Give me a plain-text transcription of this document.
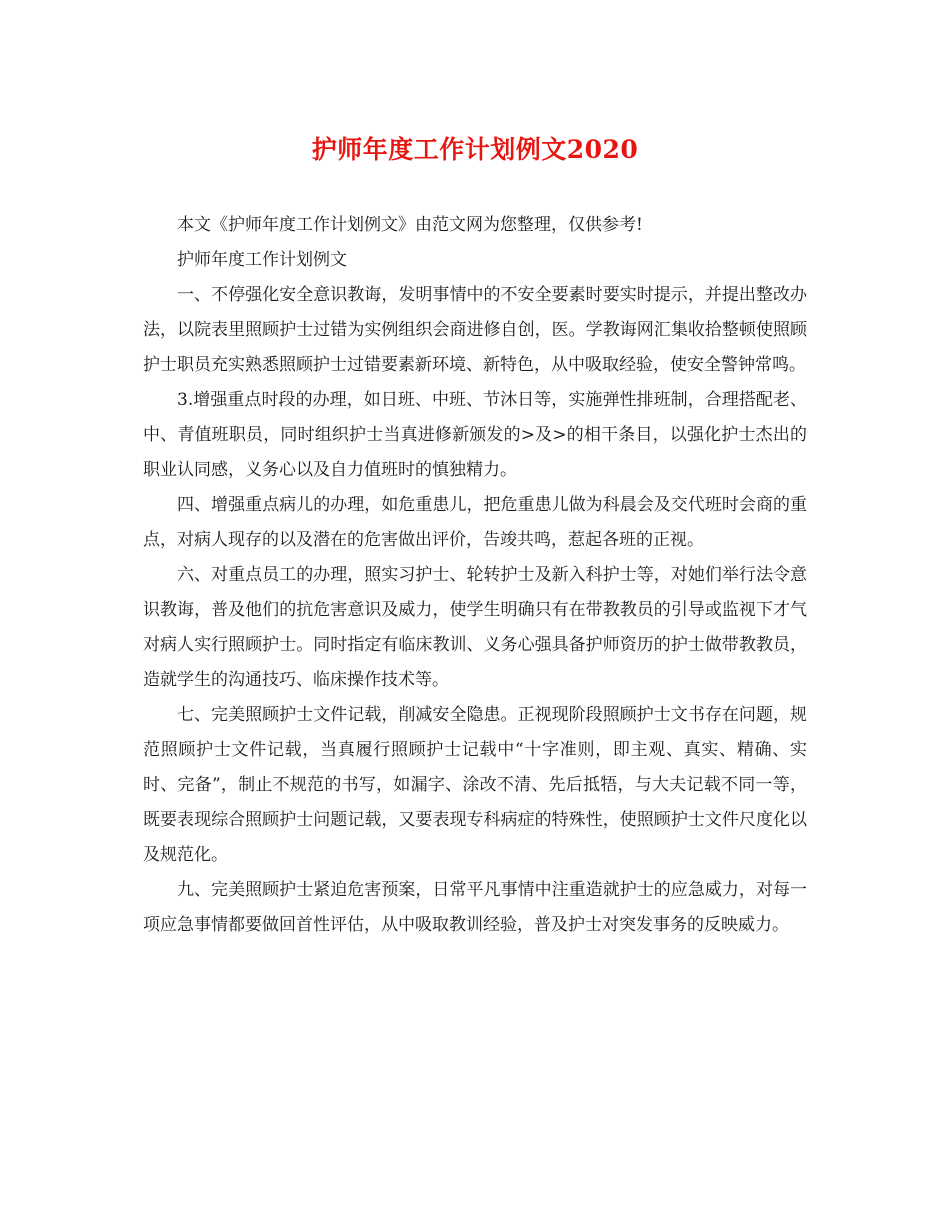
护师年度工作计划例文2020

本文《护师年度工作计划例文》由范文网为您整理，仅供参考!

护师年度工作计划例文

一、不停强化安全意识教诲，发明事情中的不安全要素时要实时提示，并提出整改办法，以院表里照顾护士过错为实例组织会商进修自创，医。学教诲网汇集收拾整顿使照顾护士职员充实熟悉照顾护士过错要素新环境、新特色，从中吸取经验，使安全警钟常鸣。

3.增强重点时段的办理，如日班、中班、节沐日等，实施弹性排班制，合理搭配老、中、青值班职员，同时组织护士当真进修新颁发的>及>的相干条目，以强化护士杰出的职业认同感，义务心以及自力值班时的慎独精力。

四、增强重点病儿的办理，如危重患儿，把危重患儿做为科晨会及交代班时会商的重点，对病人现存的以及潜在的危害做出评价，告竣共鸣，惹起各班的正视。

六、对重点员工的办理，照实习护士、轮转护士及新入科护士等，对她们举行法令意识教诲，普及他们的抗危害意识及威力，使学生明确只有在带教教员的引导或监视下才气对病人实行照顾护士。同时指定有临床教训、义务心强具备护师资历的护士做带教教员，造就学生的沟通技巧、临床操作技术等。

七、完美照顾护士文件记载，削减安全隐患。正视现阶段照顾护士文书存在问题，规范照顾护士文件记载，当真履行照顾护士记载中“十字准则，即主观、真实、精确、实时、完备”，制止不规范的书写，如漏字、涂改不清、先后抵牾，与大夫记载不同一等，既要表现综合照顾护士问题记载，又要表现专科病症的特殊性，使照顾护士文件尺度化以及规范化。

九、完美照顾护士紧迫危害预案，日常平凡事情中注重造就护士的应急威力，对每一项应急事情都要做回首性评估，从中吸取教训经验，普及护士对突发事务的反映威力。
